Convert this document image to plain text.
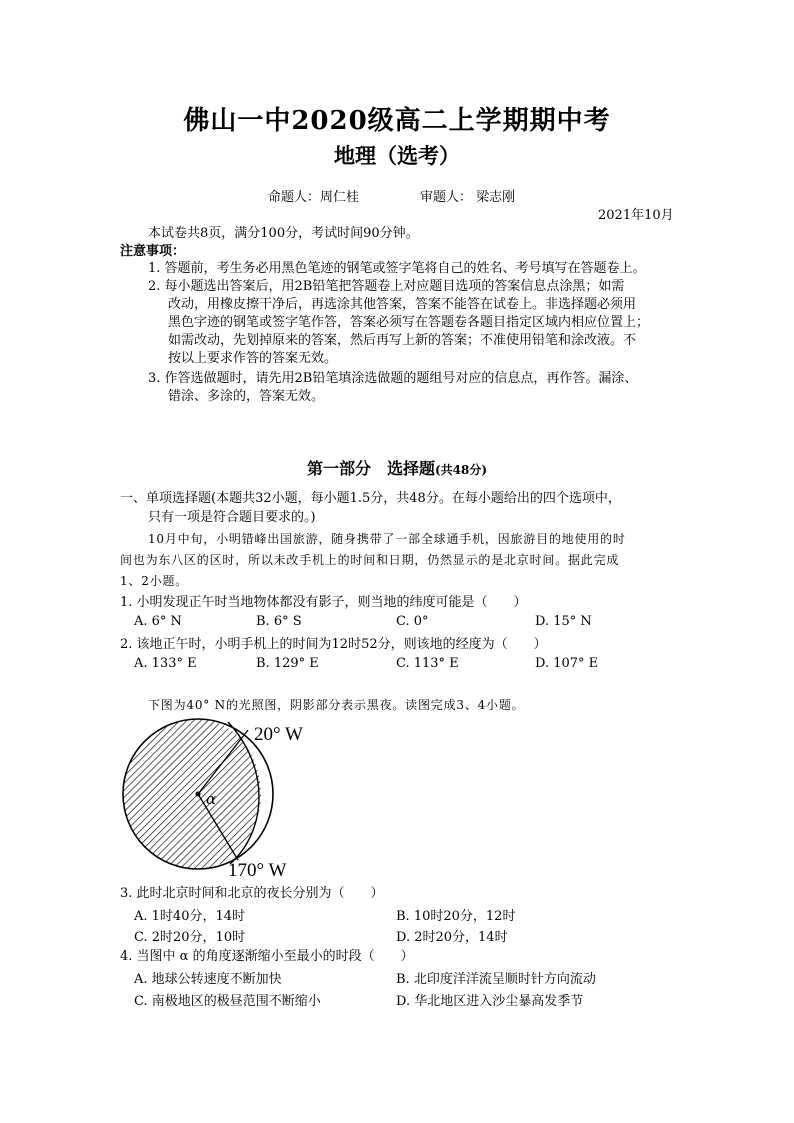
佛山一中2020级高二上学期期中考
地理（选考）
命题人：周仁桂	审题人： 梁志刚
2021年10月
本试卷共8页，满分100分，考试时间90分钟。
注意事项：
1. 答题前，考生务必用黑色笔迹的钢笔或签字笔将自己的姓名、考号填写在答题卷上。
2. 每小题选出答案后，用2B铅笔把答题卷上对应题目选项的答案信息点涂黑；如需
改动，用橡皮擦干净后，再选涂其他答案，答案不能答在试卷上。非选择题必须用
黑色字迹的钢笔或签字笔作答，答案必须写在答题卷各题目指定区域内相应位置上；
如需改动，先划掉原来的答案，然后再写上新的答案；不准使用铅笔和涂改液。不
按以上要求作答的答案无效。
3. 作答选做题时，请先用2B铅笔填涂选做题的题组号对应的信息点，再作答。漏涂、
错涂、多涂的，答案无效。
第一部分　选择题(共48分)
一、单项选择题(本题共32小题，每小题1.5分，共48分。在每小题给出的四个选项中，
只有一项是符合题目要求的。)
10月中旬，小明错峰出国旅游，随身携带了一部全球通手机，因旅游目的地使用的时
间也为东八区的区时，所以未改手机上的时间和日期，仍然显示的是北京时间。据此完成
1、2小题。
1. 小明发现正午时当地物体都没有影子，则当地的纬度可能是（　　）
A. 6° N	B. 6° S	C. 0°	D. 15° N
2. 该地正午时，小明手机上的时间为12时52分，则该地的经度为（　　）
A. 133° E	B. 129° E	C. 113° E	D. 107° E
下图为40° N的光照图，阴影部分表示黑夜。读图完成3、4小题。
α
20° W
170° W
3. 此时北京时间和北京的夜长分别为（　　）
A. 1时40分，14时	B. 10时20分，12时
C. 2时20分，10时	D. 2时20分，14时
4. 当图中 α 的角度逐渐缩小至最小的时段（　　）
A. 地球公转速度不断加快	B. 北印度洋洋流呈顺时针方向流动
C. 南极地区的极昼范围不断缩小	D. 华北地区进入沙尘暴高发季节
